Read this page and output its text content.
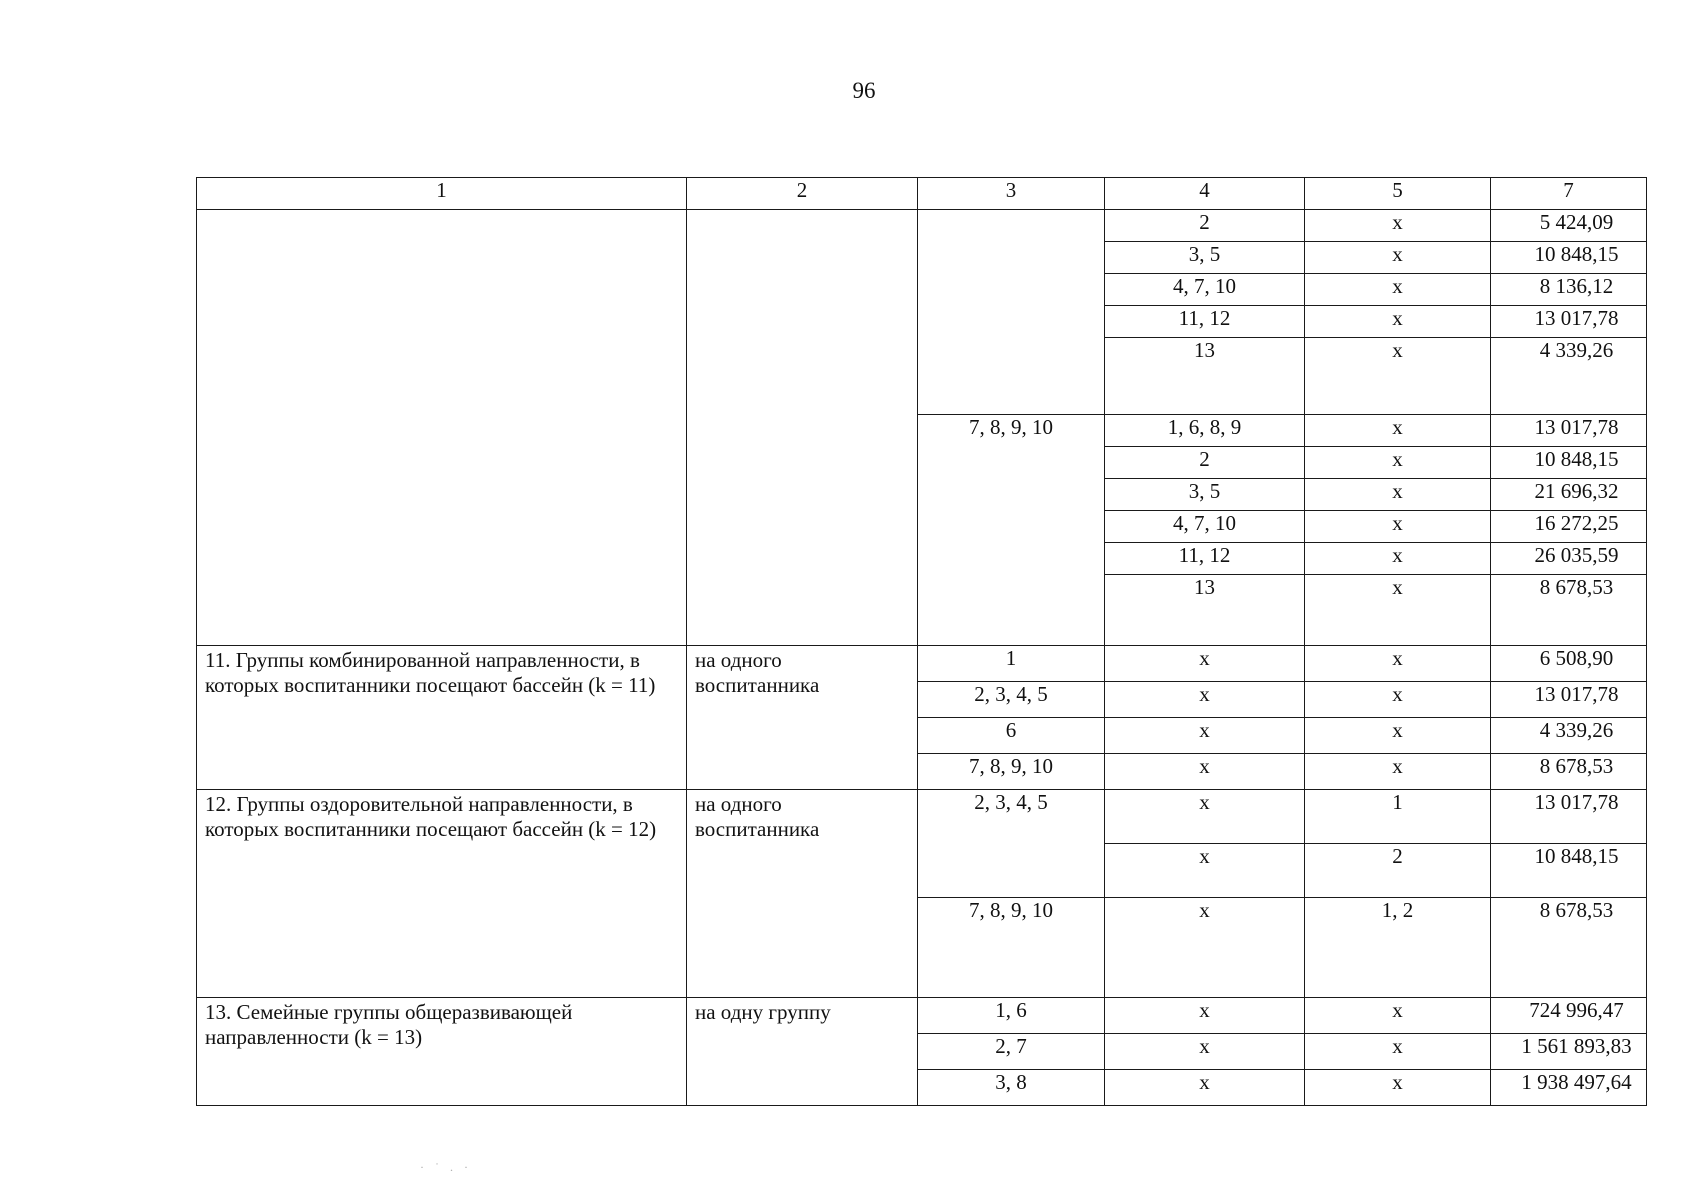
96
1	2	3	4	5	7
			2	х	5 424,09
			3, 5	х	10 848,15
			4, 7, 10	х	8 136,12
			11, 12	х	13 017,78
			13	х	4 339,26
		7, 8, 9, 10	1, 6, 8, 9	х	13 017,78
			2	х	10 848,15
			3, 5	х	21 696,32
			4, 7, 10	х	16 272,25
			11, 12	х	26 035,59
			13	х	8 678,53
11. Группы комбинированной направленности, в которых воспитанники посещают бассейн (k = 11)	на одного воспитанника	1	х	х	6 508,90
		2, 3, 4, 5	х	х	13 017,78
		6	х	х	4 339,26
		7, 8, 9, 10	х	х	8 678,53
12. Группы оздоровительной направленности, в которых воспитанники посещают бассейн (k = 12)	на одного воспитанника	2, 3, 4, 5	х	1	13 017,78
			х	2	10 848,15
		7, 8, 9, 10	х	1, 2	8 678,53
13. Семейные группы общеразвивающей направленности (k = 13)	на одну группу	1, 6	х	х	724 996,47
		2, 7	х	х	1 561 893,83
		3, 8	х	х	1 938 497,64
· ˙ . ·
